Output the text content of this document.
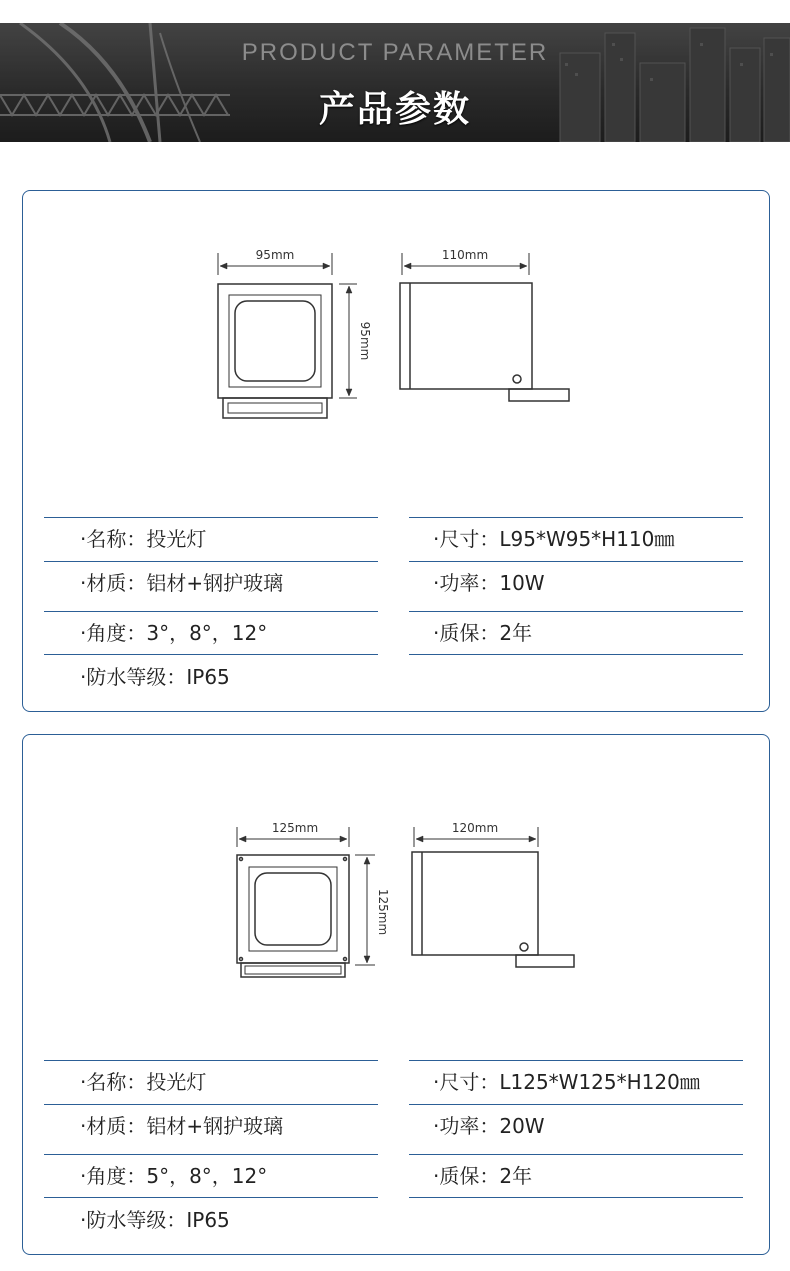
PRODUCT PARAMETER
产品参数
95mm
95mm
110mm
·名称：投光灯
·材质：铝材+钢护玻璃
·角度：3°，8°，12°
·防水等级：IP65
·尺寸：L95*W95*H110㎜
·功率：10W
·质保：2年
125mm
125mm
120mm
·名称：投光灯
·材质：铝材+钢护玻璃
·角度：5°，8°，12°
·防水等级：IP65
·尺寸：L125*W125*H120㎜
·功率：20W
·质保：2年
